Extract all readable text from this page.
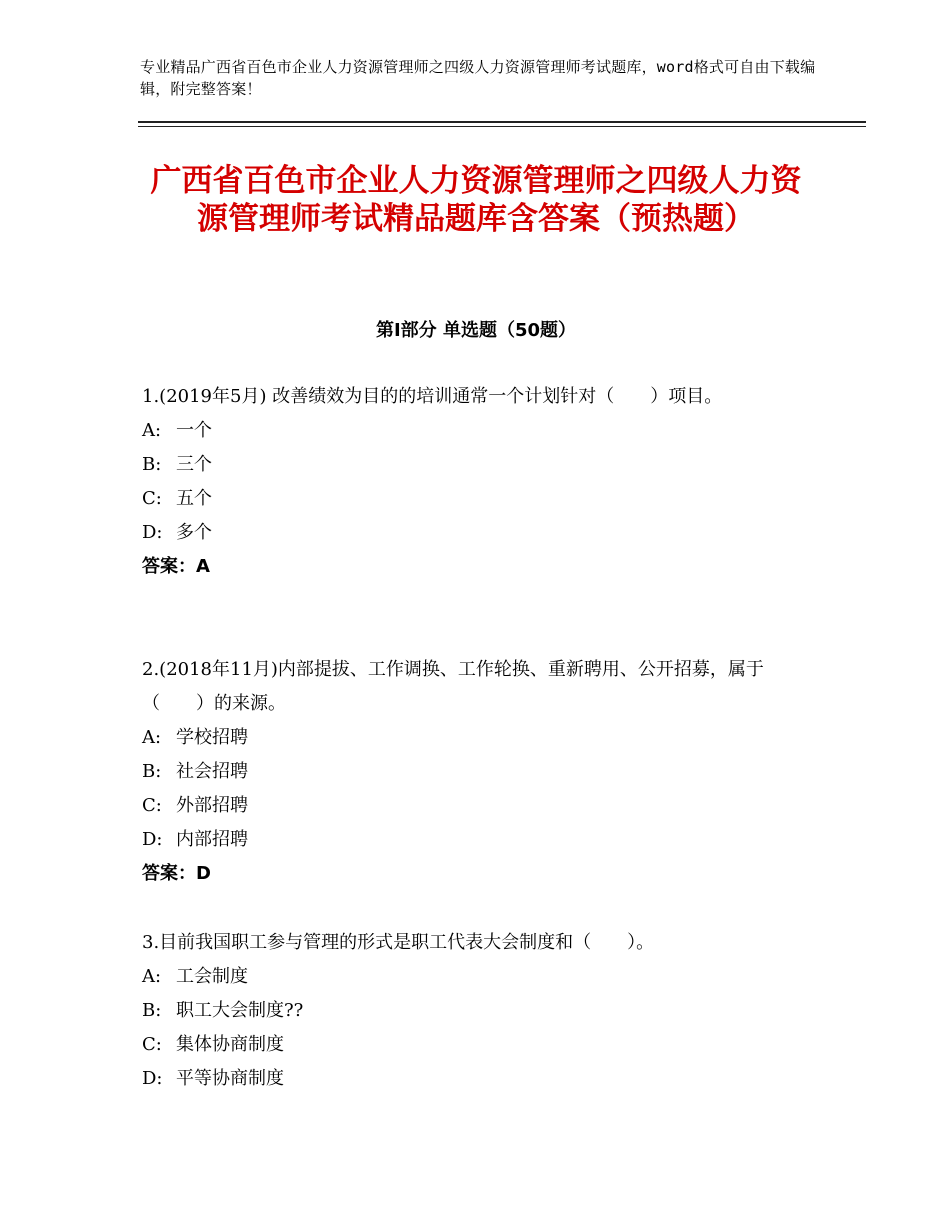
专业精品广西省百色市企业人力资源管理师之四级人力资源管理师考试题库，word格式可自由下载编辑，附完整答案！
广西省百色市企业人力资源管理师之四级人力资源管理师考试精品题库含答案（预热题）
第Ⅰ部分 单选题（50题）

1.(2019年5月) 改善绩效为目的的培训通常一个计划针对（　　）项目。

A: 一个

B: 三个

C: 五个

D: 多个

答案：A

2.(2018年11月)内部提拔、工作调换、工作轮换、重新聘用、公开招募，属于（　　）的来源。

A: 学校招聘

B: 社会招聘

C: 外部招聘

D: 内部招聘

答案：D

3.目前我国职工参与管理的形式是职工代表大会制度和（　　）。

A: 工会制度

B: 职工大会制度??

C: 集体协商制度

D: 平等协商制度
